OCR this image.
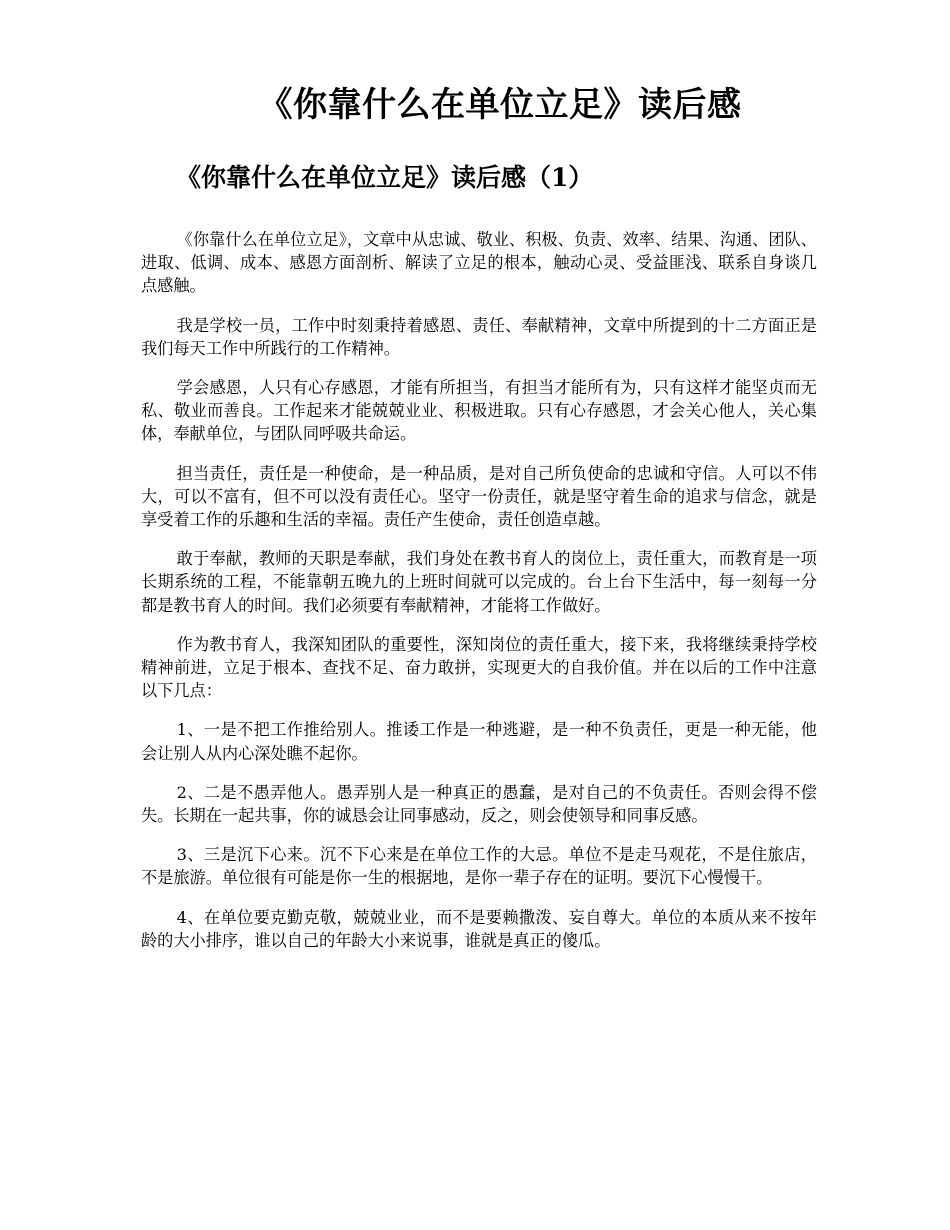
《你靠什么在单位立足》读后感
《你靠什么在单位立足》读后感（1）

《你靠什么在单位立足》，文章中从忠诚、敬业、积极、负责、效率、结果、沟通、团队、进取、低调、成本、感恩方面剖析、解读了立足的根本，触动心灵、受益匪浅、联系自身谈几点感触。

我是学校一员，工作中时刻秉持着感恩、责任、奉献精神，文章中所提到的十二方面正是我们每天工作中所践行的工作精神。

学会感恩，人只有心存感恩，才能有所担当，有担当才能所有为，只有这样才能坚贞而无私、敬业而善良。工作起来才能兢兢业业、积极进取。只有心存感恩，才会关心他人，关心集体，奉献单位，与团队同呼吸共命运。

担当责任，责任是一种使命，是一种品质，是对自己所负使命的忠诚和守信。人可以不伟大，可以不富有，但不可以没有责任心。坚守一份责任，就是坚守着生命的追求与信念，就是享受着工作的乐趣和生活的幸福。责任产生使命，责任创造卓越。

敢于奉献，教师的天职是奉献，我们身处在教书育人的岗位上，责任重大，而教育是一项长期系统的工程，不能靠朝五晚九的上班时间就可以完成的。台上台下生活中，每一刻每一分都是教书育人的时间。我们必须要有奉献精神，才能将工作做好。

作为教书育人，我深知团队的重要性，深知岗位的责任重大，接下来，我将继续秉持学校精神前进，立足于根本、查找不足、奋力敢拼，实现更大的自我价值。并在以后的工作中注意以下几点：

1、一是不把工作推给别人。推诿工作是一种逃避，是一种不负责任，更是一种无能，他会让别人从内心深处瞧不起你。

2、二是不愚弄他人。愚弄别人是一种真正的愚蠢，是对自己的不负责任。否则会得不偿失。长期在一起共事，你的诚恳会让同事感动，反之，则会使领导和同事反感。

3、三是沉下心来。沉不下心来是在单位工作的大忌。单位不是走马观花，不是住旅店，不是旅游。单位很有可能是你一生的根据地，是你一辈子存在的证明。要沉下心慢慢干。

4、在单位要克勤克敬，兢兢业业，而不是要赖撒泼、妄自尊大。单位的本质从来不按年龄的大小排序，谁以自己的年龄大小来说事，谁就是真正的傻瓜。
